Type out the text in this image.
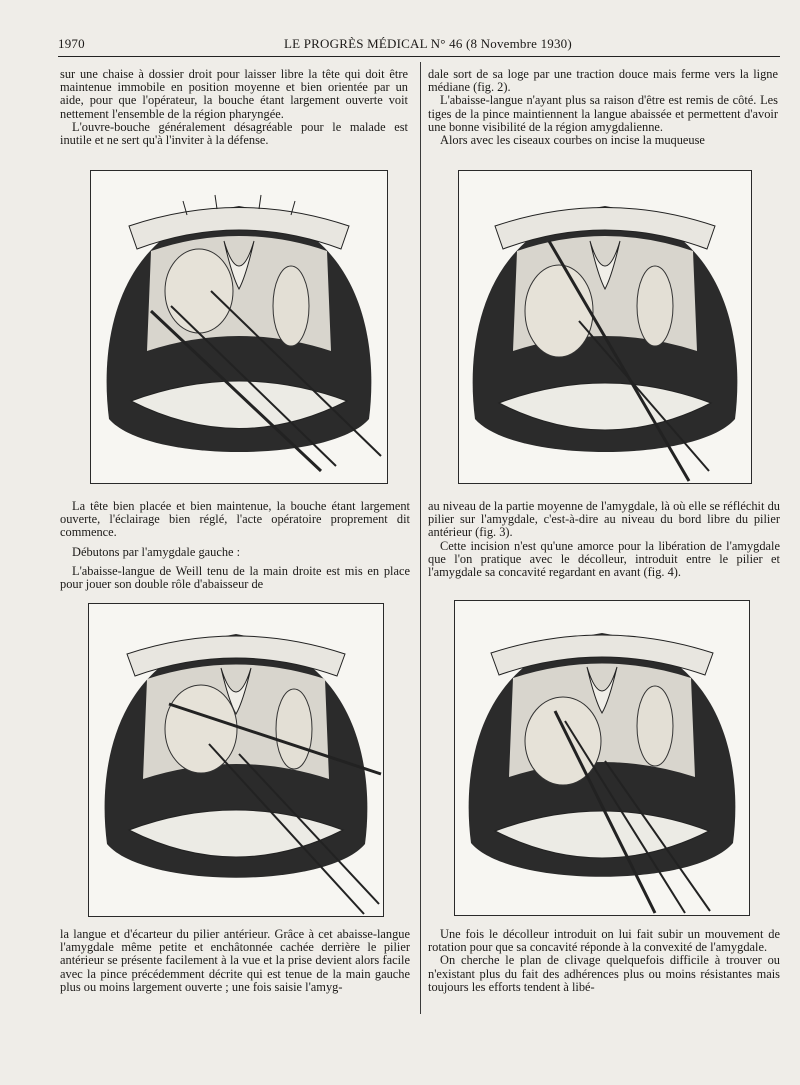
1970	LE PROGRÈS MÉDICAL N° 46 (8 Novembre 1930)

sur une chaise à dossier droit pour laisser libre la tête qui doit être maintenue immobile en position moyenne et bien orientée par un aide, pour que l'opérateur, la bouche étant largement ouverte voit nettement l'ensemble de la région pharyngée.

L'ouvre-bouche généralement désagréable pour le malade est inutile et ne sert qu'à l'inviter à la défense.

La tête bien placée et bien maintenue, la bouche étant largement ouverte, l'éclairage bien réglé, l'acte opératoire proprement dit commence.

Débutons par l'amygdale gauche :

L'abaisse-langue de Weill tenu de la main droite est mis en place pour jouer son double rôle d'abaisseur de

la langue et d'écarteur du pilier antérieur. Grâce à cet abaisse-langue l'amygdale même petite et enchâtonnée cachée derrière le pilier antérieur se présente facilement à la vue et la prise devient alors facile avec la pince précédemment décrite qui est tenue de la main gauche plus ou moins largement ouverte ; une fois saisie l'amyg-

dale sort de sa loge par une traction douce mais ferme vers la ligne médiane (fig. 2).

L'abaisse-langue n'ayant plus sa raison d'être est remis de côté. Les tiges de la pince maintiennent la langue abaissée et permettent d'avoir une bonne visibilité de la région amygdalienne.

Alors avec les ciseaux courbes on incise la muqueuse

au niveau de la partie moyenne de l'amygdale, là où elle se réfléchit du pilier sur l'amygdale, c'est-à-dire au niveau du bord libre du pilier antérieur (fig. 3).

Cette incision n'est qu'une amorce pour la libération de l'amygdale que l'on pratique avec le décolleur, introduit entre le pilier et l'amygdale sa concavité regardant en avant (fig. 4).

Une fois le décolleur introduit on lui fait subir un mouvement de rotation pour que sa concavité réponde à la convexité de l'amygdale.

On cherche le plan de clivage quelquefois difficile à trouver ou n'existant plus du fait des adhérences plus ou moins résistantes mais toujours les efforts tendent à libé-
